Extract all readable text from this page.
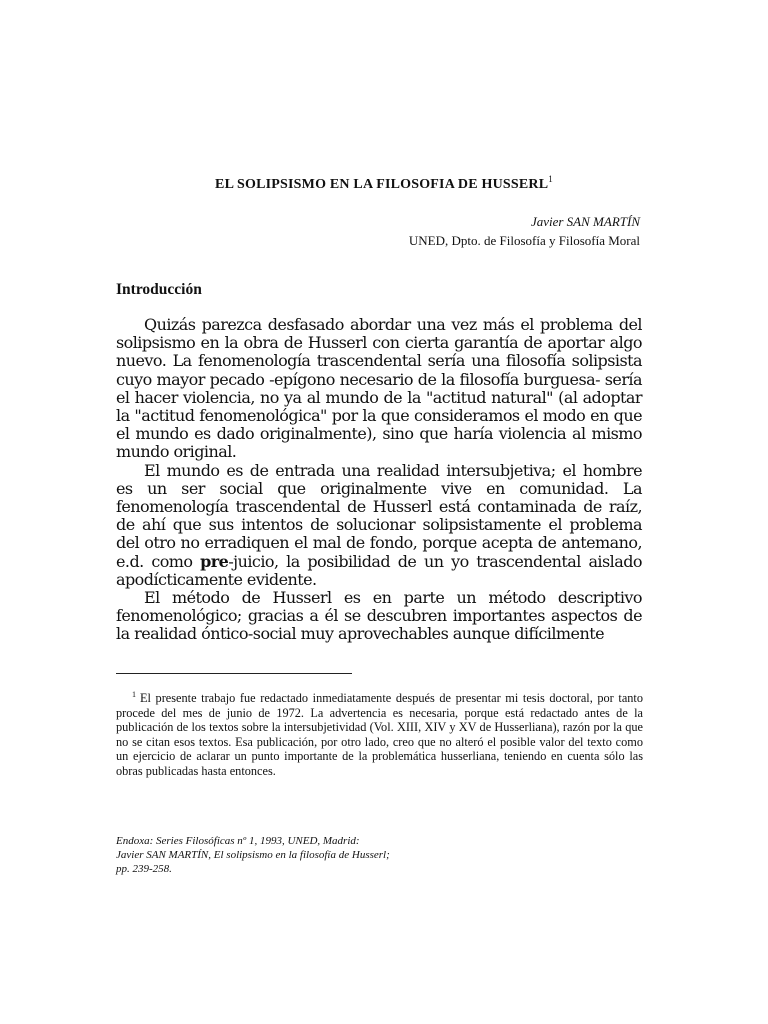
EL SOLIPSISMO EN LA FILOSOFIA DE HUSSERL$^1$
Javier SAN MARTÍN
UNED, Dpto. de Filosofía y Filosofía Moral
Introducción

Quizás parezca desfasado abordar una vez más el problema del solipsismo en la obra de Husserl con cierta garantía de aportar algo nuevo. La fenomenología trascendental sería una filosofía solipsista cuyo mayor pecado -epígono necesario de la filosofía burguesa- sería el hacer violencia, no ya al mundo de la "actitud natural" (al adoptar la "actitud fenomenológica" por la que consideramos el modo en que el mundo es dado originalmente), sino que haría violencia al mismo mundo original.

El mundo es de entrada una realidad intersubjetiva; el hombre es un ser social que originalmente vive en comunidad. La fenomenología trascendental de Husserl está contaminada de raíz, de ahí que sus intentos de solucionar solipsistamente el problema del otro no erradiquen el mal de fondo, porque acepta de antemano, e.d. como pre-juicio, la posibilidad de un yo trascendental aislado apodícticamente evidente.

El método de Husserl es en parte un método descriptivo fenomenológico; gracias a él se descubren importantes aspectos de la realidad óntico-social muy aprovechables aunque difícilmente

$^1$ El presente trabajo fue redactado inmediatamente después de presentar mi tesis doctoral, por tanto procede del mes de junio de 1972. La advertencia es necesaria, porque está redactado antes de la publicación de los textos sobre la intersubjetividad (Vol. XIII, XIV y XV de Husserliana), razón por la que no se citan esos textos. Esa publicación, por otro lado, creo que no alteró el posible valor del texto como un ejercicio de aclarar un punto importante de la problemática husserliana, teniendo en cuenta sólo las obras publicadas hasta entonces.

Endoxa: Series Filosóficas nº 1, 1993, UNED, Madrid:
Javier SAN MARTÍN, El solipsismo en la filosofía de Husserl;
pp. 239-258.
